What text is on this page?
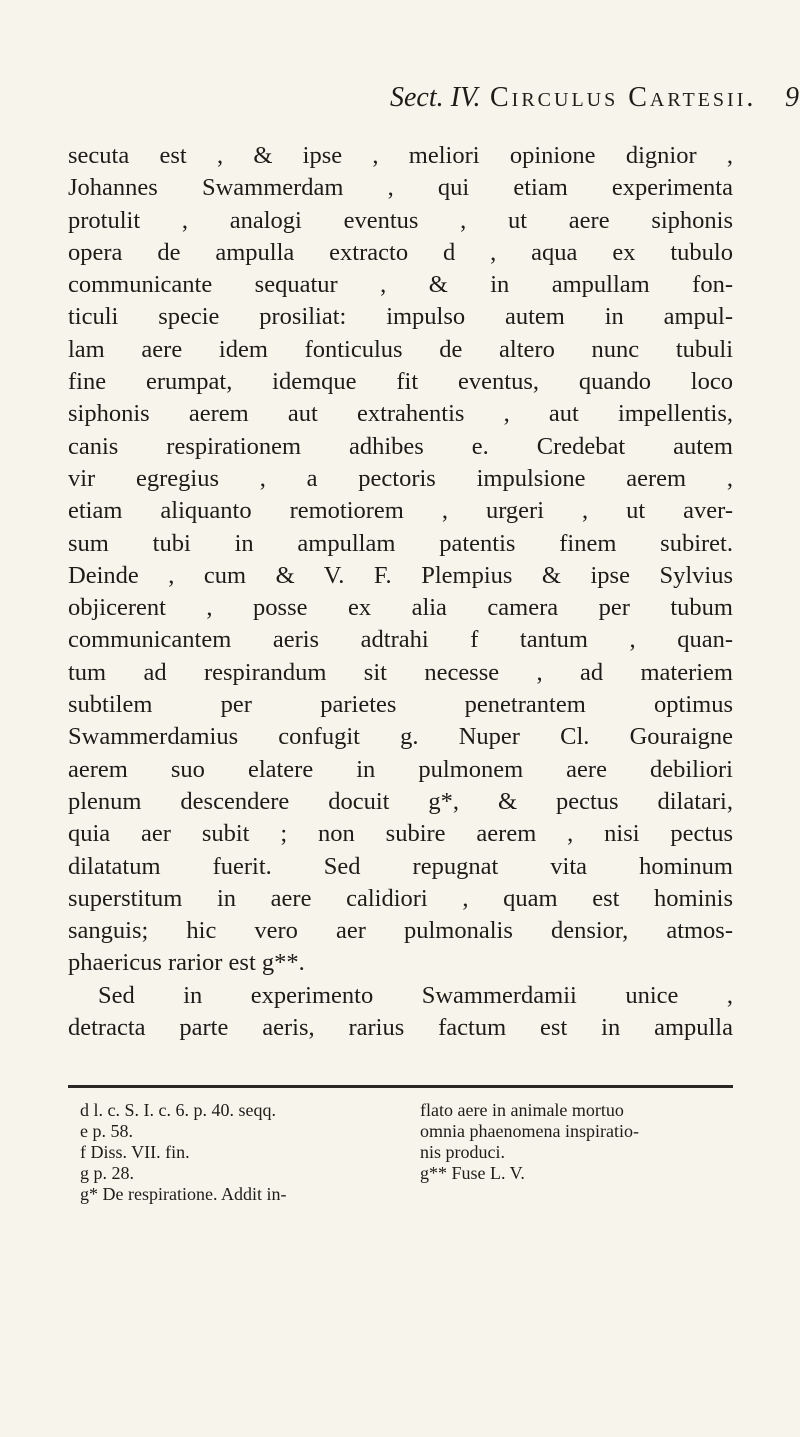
Sect. IV. Circulus Cartesii. 9
secuta est , & ipse , meliori opinione dignior ,
Johannes Swammerdam , qui etiam experimenta
protulit , analogi eventus , ut aere siphonis
opera de ampulla extracto d , aqua ex tubulo
communicante sequatur , & in ampullam fon-
ticuli specie prosiliat: impulso autem in ampul-
lam aere idem fonticulus de altero nunc tubuli
fine erumpat, idemque fit eventus, quando loco
siphonis aerem aut extrahentis , aut impellentis,
canis respirationem adhibes e. Credebat autem
vir egregius , a pectoris impulsione aerem ,
etiam aliquanto remotiorem , urgeri , ut aver-
sum tubi in ampullam patentis finem subiret.
Deinde , cum & V. F. Plempius & ipse Sylvius
objicerent , posse ex alia camera per tubum
communicantem aeris adtrahi f tantum , quan-
tum ad respirandum sit necesse , ad materiem
subtilem per parietes penetrantem optimus
Swammerdamius confugit g. Nuper Cl. Gouraigne
aerem suo elatere in pulmonem aere debiliori
plenum descendere docuit g*, & pectus dilatari,
quia aer subit ; non subire aerem , nisi pectus
dilatatum fuerit. Sed repugnat vita hominum
superstitum in aere calidiori , quam est hominis
sanguis; hic vero aer pulmonalis densior, atmos-
phaericus rarior est g**.
Sed in experimento Swammerdamii unice ,
detracta parte aeris, rarius factum est in ampulla
d l. c. S. I. c. 6. p. 40. seqq.
e p. 58.
f Diss. VII. fin.
g p. 28.
g* De respiratione. Addit in-
flato aere in animale mortuo
omnia phaenomena inspiratio-
nis produci.
g** Fuse L. V.
